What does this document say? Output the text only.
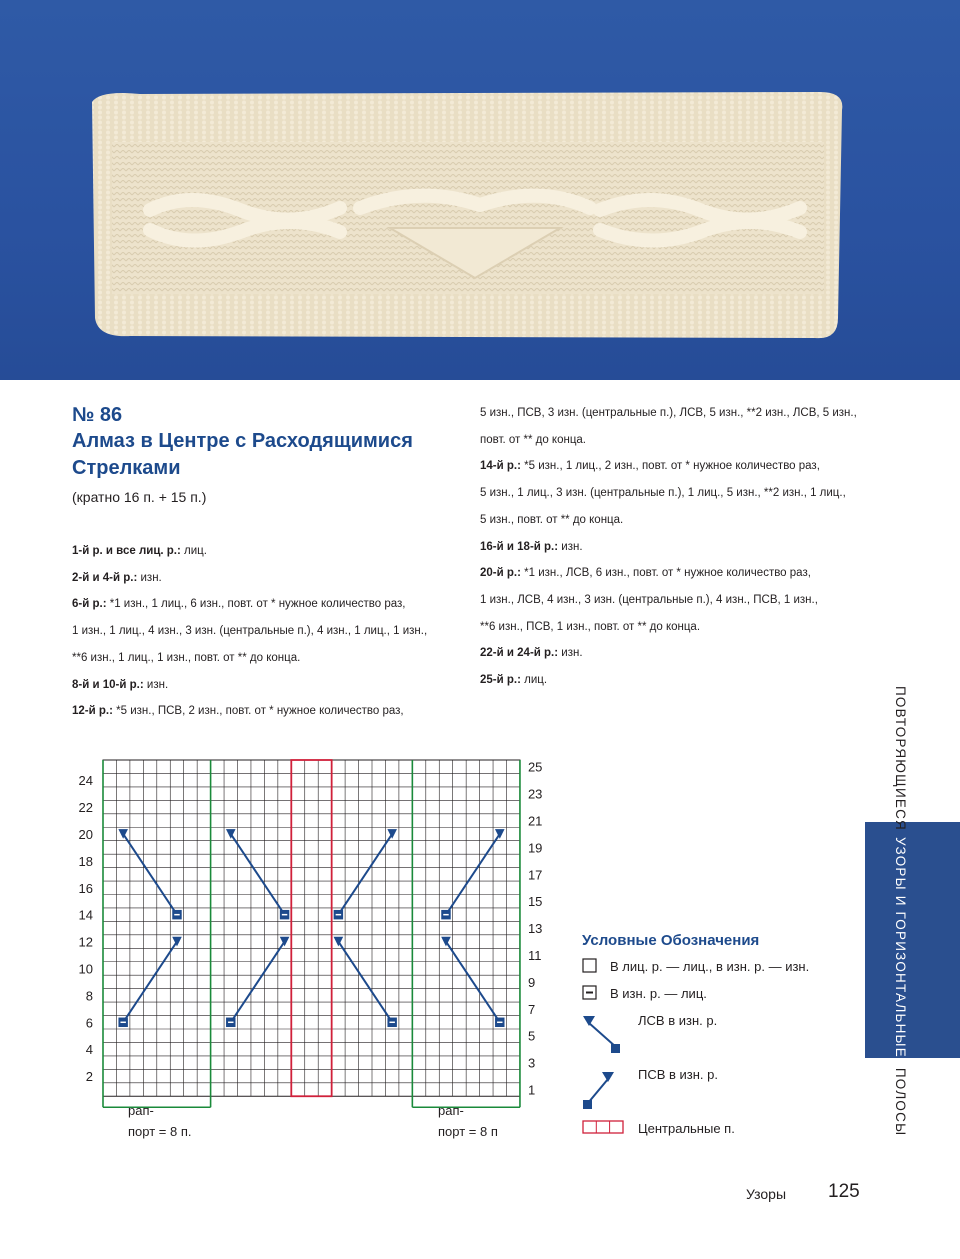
№ 86
Алмаз в Центре с Расходящимися
Стрелками
(кратно 16 п. + 15 п.)
1-й р. и все лиц. р.: лиц.
2-й и 4-й р.: изн.
6-й р.: *1 изн., 1 лиц., 6 изн., повт. от * нужное количество раз,
1 изн., 1 лиц., 4 изн., 3 изн. (центральные п.), 4 изн., 1 лиц., 1 изн.,
**6 изн., 1 лиц., 1 изн., повт. от ** до конца.
8-й и 10-й р.: изн.
12-й р.: *5 изн., ПСВ, 2 изн., повт. от * нужное количество раз,
5 изн., ПСВ, 3 изн. (центральные п.), ЛСВ, 5 изн., **2 изн., ЛСВ, 5 изн.,
повт. от ** до конца.
14-й р.: *5 изн., 1 лиц., 2 изн., повт. от * нужное количество раз,
5 изн., 1 лиц., 3 изн. (центральные п.), 1 лиц., 5 изн., **2 изн., 1 лиц.,
5 изн., повт. от ** до конца.
16-й и 18-й р.: изн.
20-й р.: *1 изн., ЛСВ, 6 изн., повт. от * нужное количество раз,
1 изн., ЛСВ, 4 изн., 3 изн. (центральные п.), 4 изн., ПСВ, 1 изн.,
**6 изн., ПСВ, 1 изн., повт. от ** до конца.
22-й и 24-й р.: изн.
25-й р.: лиц.
24
22
20
18
16
14
12
10
8
6
4
2
25
23
21
19
17
15
13
11
9
7
5
3
1
рап-
порт = 8 п.
рап-
порт = 8 п
Условные Обозначения
В лиц. р. — лиц., в изн. р. — изн.
В изн. р. — лиц.
ЛСВ в изн. р.
ПСВ в изн. р.
Центральные п.
ПОВТОРЯЮЩИЕСЯУЗОРЫ И ГОРИЗОНТАЛЬНЫЕПОЛОСЫ
Узоры 125
